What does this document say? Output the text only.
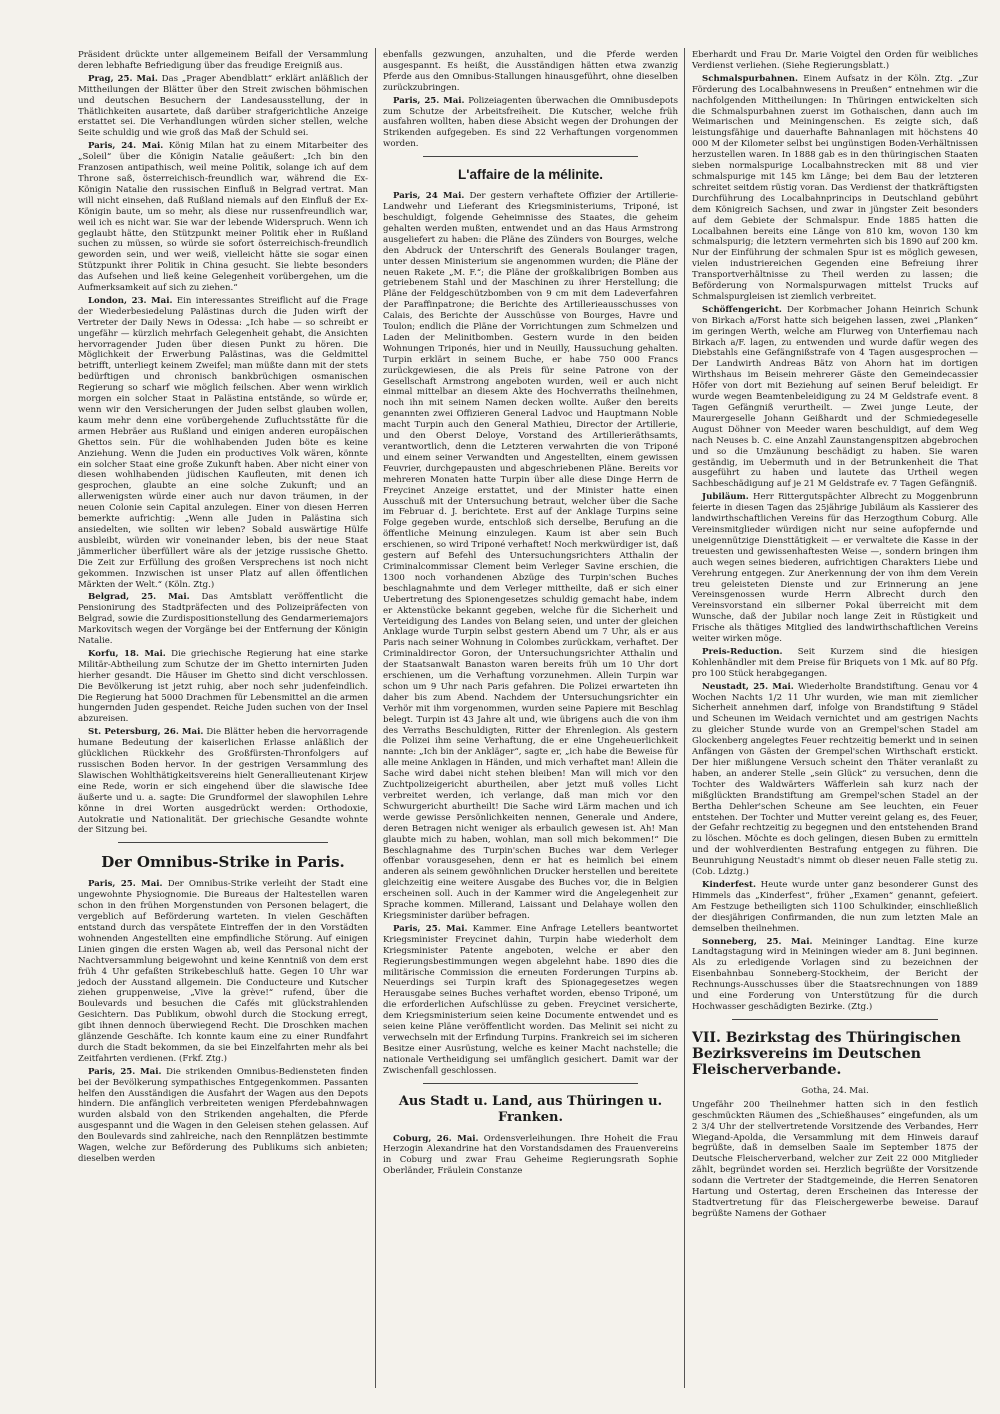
Präsident drückte unter allgemeinem Beifall der Versammlung deren lebhafte Befriedigung über das freudige Ereigniß aus.

Prag, 25. Mai. Das „Prager Abendblatt“ erklärt anläßlich der Mittheilungen der Blätter über den Streit zwischen böhmischen und deutschen Besuchern der Landesausstellung, der in Thätlichkeiten ausartete, daß darüber strafgerichtliche Anzeige erstattet sei. Die Verhandlungen würden sicher stellen, welche Seite schuldig und wie groß das Maß der Schuld sei.

Paris, 24. Mai. König Milan hat zu einem Mitarbeiter des „Soleil“ über die Königin Natalie geäußert: „Ich bin den Franzosen antipathisch, weil meine Politik, solange ich auf dem Throne saß, österreichisch-freundlich war, während die Ex-Königin Natalie den russischen Einfluß in Belgrad vertrat. Man will nicht einsehen, daß Rußland niemals auf den Einfluß der Ex-Königin baute, um so mehr, als diese nur russenfreundlich war, weil ich es nicht war. Sie war der lebende Widerspruch. Wenn ich geglaubt hätte, den Stützpunkt meiner Politik eher in Rußland suchen zu müssen, so würde sie sofort österreichisch-freundlich geworden sein, und wer weiß, vielleicht hätte sie sogar einen Stützpunkt ihrer Politik in China gesucht. Sie liebte besonders das Aufsehen und ließ keine Gelegenheit vorübergehen, um die Aufmerksamkeit auf sich zu ziehen.“

London, 23. Mai. Ein interessantes Streiflicht auf die Frage der Wiederbesiedelung Palästinas durch die Juden wirft der Vertreter der Daily News in Odessa: „Ich habe — so schreibt er ungefähr — kürzlich mehrfach Gelegenheit gehabt, die Ansichten hervorragender Juden über diesen Punkt zu hören. Die Möglichkeit der Erwerbung Palästinas, was die Geldmittel betrifft, unterliegt keinem Zweifel; man müßte dann mit der stets bedürftigen und chronisch bankbrüchigen osmanischen Regierung so scharf wie möglich feilschen. Aber wenn wirklich morgen ein solcher Staat in Palästina entstände, so würde er, wenn wir den Versicherungen der Juden selbst glauben wollen, kaum mehr denn eine vorübergehende Zufluchtsstätte für die armen Hebräer aus Rußland und einigen anderen europäischen Ghettos sein. Für die wohlhabenden Juden böte es keine Anziehung. Wenn die Juden ein productives Volk wären, könnte ein solcher Staat eine große Zukunft haben. Aber nicht einer von diesen wohlhabenden jüdischen Kaufleuten, mit denen ich gesprochen, glaubte an eine solche Zukunft; und an allerwenigsten würde einer auch nur davon träumen, in der neuen Colonie sein Capital anzulegen. Einer von diesen Herren bemerkte aufrichtig: „Wenn alle Juden in Palästina sich ansiedelten, wie sollten wir leben? Sobald auswärtige Hülfe ausbleibt, würden wir voneinander leben, bis der neue Staat jämmerlicher überfüllert wäre als der jetzige russische Ghetto. Die Zeit zur Erfüllung des großen Versprechens ist noch nicht gekommen. Inzwischen ist unser Platz auf allen öffentlichen Märkten der Welt.“ (Köln. Ztg.)

Belgrad, 25. Mai. Das Amtsblatt veröffentlicht die Pensionirung des Stadtpräfecten und des Polizeipräfecten von Belgrad, sowie die Zurdispositionstellung des Gendarmeriemajors Markovitsch wegen der Vorgänge bei der Entfernung der Königin Natalie.

Korfu, 18. Mai. Die griechische Regierung hat eine starke Militär-Abtheilung zum Schutze der im Ghetto internirten Juden hierher gesandt. Die Häuser im Ghetto sind dicht verschlossen. Die Bevölkerung ist jetzt ruhig, aber noch sehr judenfeindlich. Die Regierung hat 5000 Drachmen für Lebensmittel an die armen hungernden Juden gespendet. Reiche Juden suchen von der Insel abzureisen.

St. Petersburg, 26. Mai. Die Blätter heben die hervorragende humane Bedeutung der kaiserlichen Erlasse anläßlich der glücklichen Rückkehr des Großfürsten-Thronfolgers auf russischen Boden hervor. In der gestrigen Versammlung des Slawischen Wohlthätigkeitsvereins hielt Generallieutenant Kirjew eine Rede, worin er sich eingehend über die slawische Idee äußerte und u. a. sagte: Die Grundformel der slawophilen Lehre könne in drei Worten ausgedrückt werden: Orthodoxie, Autokratie und Nationalität. Der griechische Gesandte wohnte der Sitzung bei.

Der Omnibus-Strike in Paris.

Paris, 25. Mai. Der Omnibus-Strike verleiht der Stadt eine ungewohnte Physiognomie. Die Bureaus der Haltestellen waren schon in den frühen Morgenstunden von Personen belagert, die vergeblich auf Beförderung warteten. In vielen Geschäften entstand durch das verspätete Eintreffen der in den Vorstädten wohnenden Angestellten eine empfindliche Störung. Auf einigen Linien gingen die ersten Wagen ab, weil das Personal nicht der Nachtversammlung beigewohnt und keine Kenntniß von dem erst früh 4 Uhr gefaßten Strikebeschluß hatte. Gegen 10 Uhr war jedoch der Ausstand allgemein. Die Conducteure und Kutscher ziehen gruppenweise, „Vive la grève!“ rufend, über die Boulevards und besuchen die Cafés mit glückstrahlenden Gesichtern. Das Publikum, obwohl durch die Stockung erregt, gibt ihnen dennoch überwiegend Recht. Die Droschken machen glänzende Geschäfte. Ich konnte kaum eine zu einer Rundfahrt durch die Stadt bekommen, da sie bei Einzelfahrten mehr als bei Zeitfahrten verdienen. (Frkf. Ztg.)

Paris, 25. Mai. Die strikenden Omnibus-Bediensteten finden bei der Bevölkerung sympathisches Entgegenkommen. Passanten helfen den Ausständigen die Ausfahrt der Wagen aus den Depots hindern. Die anfänglich verbreiteten wenigen Pferdebahnwagen wurden alsbald von den Strikenden angehalten, die Pferde ausgespannt und die Wagen in den Geleisen stehen gelassen. Auf den Boulevards sind zahlreiche, nach den Rennplätzen bestimmte Wagen, welche zur Beförderung des Publikums sich anbieten; dieselben werden

ebenfalls gezwungen, anzuhalten, und die Pferde werden ausgespannt. Es heißt, die Ausständigen hätten etwa zwanzig Pferde aus den Omnibus-Stallungen hinausgeführt, ohne dieselben zurückzubringen.

Paris, 25. Mai. Polizeiagenten überwachen die Omnibusdepots zum Schutze der Arbeitsfreiheit. Die Kutscher, welche früh ausfahren wollten, haben diese Absicht wegen der Drohungen der Strikenden aufgegeben. Es sind 22 Verhaftungen vorgenommen worden.

L'affaire de la mélinite.

Paris, 24 Mai. Der gestern verhaftete Offizier der Artillerie-Landwehr und Lieferant des Kriegsministeriums, Triponé, ist beschuldigt, folgende Geheimnisse des Staates, die geheim gehalten werden mußten, entwendet und an das Haus Armstrong ausgeliefert zu haben: die Pläne des Zünders von Bourges, welche den Abdruck der Unterschrift des Generals Boulanger tragen, unter dessen Ministerium sie angenommen wurden; die Pläne der neuen Rakete „M. F.“; die Pläne der großkalibrigen Bomben aus getriebenem Stahl und der Maschinen zu ihrer Herstellung; die Pläne der Feldgeschützbomben von 9 cm mit dem Ladeverfahren der Paraffinpatrone; die Berichte des Artillerieausschusses von Calais, des Berichte der Ausschüsse von Bourges, Havre und Toulon; endlich die Pläne der Vorrichtungen zum Schmelzen und Laden der Melinitbomben. Gestern wurde in den beiden Wohnungen Triponés, hier und in Neuilly, Haussuchung gehalten. Turpin erklärt in seinem Buche, er habe 750 000 Francs zurückgewiesen, die als Preis für seine Patrone von der Gesellschaft Armstrong angeboten wurden, weil er auch nicht einmal mittelbar an diesem Akte des Hochverraths theilnehmen, noch ihn mit seinem Namen decken wollte. Außer den bereits genannten zwei Offizieren General Ladvoc und Hauptmann Noble macht Turpin auch den General Mathieu, Director der Artillerie, und den Oberst Deloye, Vorstand des Artillerieräthsamts, verantwortlich, denn die Letzteren verwahrten die von Triponé und einem seiner Verwandten und Angestellten, einem gewissen Feuvrier, durchgepausten und abgeschriebenen Pläne. Bereits vor mehreren Monaten hatte Turpin über alle diese Dinge Herrn de Freycinet Anzeige erstattet, und der Minister hatte einen Ausschuß mit der Untersuchung betraut, welcher über die Sache im Februar d. J. berichtete. Erst auf der Anklage Turpins seine Folge gegeben wurde, entschloß sich derselbe, Berufung an die öffentliche Meinung einzulegen. Kaum ist aber sein Buch erschienen, so wird Triponé verhaftet! Noch merkwürdiger ist, daß gestern auf Befehl des Untersuchungsrichters Atthalin der Criminalcommissar Clement beim Verleger Savine erschien, die 1300 noch vorhandenen Abzüge des Turpin'schen Buches beschlagnahmte und dem Verleger mittheilte, daß er sich einer Uebertretung des Spionengesetzes schuldig gemacht habe, indem er Aktenstücke bekannt gegeben, welche für die Sicherheit und Verteidigung des Landes von Belang seien, und unter der gleichen Anklage wurde Turpin selbst gestern Abend um 7 Uhr, als er aus Paris nach seiner Wohnung in Colombes zurückkam, verhaftet. Der Criminaldirector Goron, der Untersuchungsrichter Atthalin und der Staatsanwalt Banaston waren bereits früh um 10 Uhr dort erschienen, um die Verhaftung vorzunehmen. Allein Turpin war schon um 9 Uhr nach Paris gefahren. Die Polizei erwarteten ihn daher bis zum Abend. Nachdem der Untersuchungsrichter ein Verhör mit ihm vorgenommen, wurden seine Papiere mit Beschlag belegt. Turpin ist 43 Jahre alt und, wie übrigens auch die von ihm des Verraths Beschuldigten, Ritter der Ehrenlegion. Als gestern die Polizei ihm seine Verhaftung, die er eine Ungeheuerlichkeit nannte: „Ich bin der Ankläger“, sagte er, „ich habe die Beweise für alle meine Anklagen in Händen, und mich verhaftet man! Allein die Sache wird dabei nicht stehen bleiben! Man will mich vor den Zuchtpolizeigericht aburtheilen, aber jetzt muß volles Licht verbreitet werden, ich verlange, daß man mich vor den Schwurgericht aburtheilt! Die Sache wird Lärm machen und ich werde gewisse Persönlichkeiten nennen, Generale und Andere, deren Betragen nicht weniger als erbaulich gewesen ist. Ah! Man glaubte mich zu haben, wohlan, man soll mich bekommen!“ Die Beschlagnahme des Turpin'schen Buches war dem Verleger offenbar vorausgesehen, denn er hat es heimlich bei einem anderen als seinem gewöhnlichen Drucker herstellen und bereitete gleichzeitig eine weitere Ausgabe des Buches vor, die in Belgien erscheinen soll. Auch in der Kammer wird die Angelegenheit zur Sprache kommen. Millerand, Laissant und Delahaye wollen den Kriegsminister darüber befragen.

Paris, 25. Mai. Kammer. Eine Anfrage Letellers beantwortet Kriegsminister Freycinet dahin, Turpin habe wiederholt dem Kriegsminister Patente angeboten, welche er aber den Regierungsbestimmungen wegen abgelehnt habe. 1890 dies die militärische Commission die erneuten Forderungen Turpins ab. Neuerdings sei Turpin kraft des Spionagegesetzes wegen Herausgabe seines Buches verhaftet worden, ebenso Triponé, um die erforderlichen Aufschlüsse zu geben. Freycinet versicherte, dem Kriegsministerium seien keine Documente entwendet und es seien keine Pläne veröffentlicht worden. Das Melinit sei nicht zu verwechseln mit der Erfindung Turpins. Frankreich sei im sicheren Besitze einer Ausrüstung, welche es keiner Macht nachstelle; die nationale Vertheidigung sei umfänglich gesichert. Damit war der Zwischenfall geschlossen.

Aus Stadt u. Land, aus Thüringen u. Franken.

Coburg, 26. Mai. Ordensverleihungen. Ihre Hoheit die Frau Herzogin Alexandrine hat den Vorstandsdamen des Frauenvereins in Coburg und zwar Frau Geheime Regierungsrath Sophie Oberländer, Fräulein Constanze

Eberhardt und Frau Dr. Marie Voigtel den Orden für weibliches Verdienst verliehen. (Siehe Regierungsblatt.)

Schmalspurbahnen. Einem Aufsatz in der Köln. Ztg. „Zur Förderung des Localbahnwesens in Preußen“ entnehmen wir die nachfolgenden Mittheilungen: In Thüringen entwickelten sich die Schmalspurbahnen zuerst im Gothaischen, dann auch im Weimarischen und Meiningenschen. Es zeigte sich, daß leistungsfähige und dauerhafte Bahnanlagen mit höchstens 40 000 M der Kilometer selbst bei ungünstigen Boden-Verhältnissen herzustellen waren. In 1888 gab es in den thüringischen Staaten sieben normalspurige Localbahnstrecken mit 88 und vier schmalspurige mit 145 km Länge; bei dem Bau der letzteren schreitet seitdem rüstig voran. Das Verdienst der thatkräftigsten Durchführung des Localbahnprincips in Deutschland gebührt dem Königreich Sachsen, und zwar in jüngster Zeit besonders auf dem Gebiete der Schmalspur. Ende 1885 hatten die Localbahnen bereits eine Länge von 810 km, wovon 130 km schmalspurig; die letztern vermehrten sich bis 1890 auf 200 km. Nur der Einführung der schmalen Spur ist es möglich gewesen, vielen industriereichen Gegenden eine Befreiung ihrer Transportverhältnisse zu Theil werden zu lassen; die Beförderung von Normalspurwagen mittelst Trucks auf Schmalspurgleisen ist ziemlich verbreitet.

Schöffengericht. Der Korbmacher Johann Heinrich Schunk von Birkach a/Forst hatte sich beigehen lassen, zwei „Planken“ im geringen Werth, welche am Flurweg von Unterfiemau nach Birkach a/F. lagen, zu entwenden und wurde dafür wegen des Diebstahls eine Gefängnißstrafe von 4 Tagen ausgesprochen — Der Landwirth Andreas Bätz von Ahorn hat im dortigen Wirthshaus im Beisein mehrerer Gäste den Gemeindecassier Höfer von dort mit Beziehung auf seinen Beruf beleidigt. Er wurde wegen Beamtenbeleidigung zu 24 M Geldstrafe event. 8 Tagen Gefängniß verurtheilt. — Zwei junge Leute, der Maurergeselle Johann Geißhardt und der Schmiedegeselle August Döhner von Meeder waren beschuldigt, auf dem Weg nach Neuses b. C. eine Anzahl Zaunstangenspitzen abgebrochen und so die Umzäunung beschädigt zu haben. Sie waren geständig, im Uebermuth und in der Betrunkenheit die That ausgeführt zu haben und lautete das Urtheil wegen Sachbeschädigung auf je 21 M Geldstrafe ev. 7 Tagen Gefängniß.

Jubiläum. Herr Rittergutspächter Albrecht zu Moggenbrunn feierte in diesen Tagen das 25jährige Jubiläum als Kassierer des landwirthschaftlichen Vereins für das Herzogthum Coburg. Alle Vereinsmitglieder würdigen nicht nur seine aufopfernde und uneigennützige Diensttätigkeit — er verwaltete die Kasse in der treuesten und gewissenhaftesten Weise —, sondern bringen ihm auch wegen seines biederen, aufrichtigen Charakters Liebe und Verehrung entgegen. Zur Anerkennung der von ihm dem Verein treu geleisteten Dienste und zur Erinnerung an jene Vereinsgenossen wurde Herrn Albrecht durch den Vereinsvorstand ein silberner Pokal überreicht mit dem Wunsche, daß der Jubilar noch lange Zeit in Rüstigkeit und Frische als thätiges Mitglied des landwirthschaftlichen Vereins weiter wirken möge.

Preis-Reduction. Seit Kurzem sind die hiesigen Kohlenhändler mit dem Preise für Briquets von 1 Mk. auf 80 Pfg. pro 100 Stück herabgegangen.

Neustadt, 25. Mai. Wiederholte Brandstiftung. Genau vor 4 Wochen Nachts 1/2 11 Uhr wurden, wie man mit ziemlicher Sicherheit annehmen darf, infolge von Brandstiftung 9 Städel und Scheunen im Weidach vernichtet und am gestrigen Nachts zu gleicher Stunde wurde von an Grempel'schen Stadel am Glockenberg angelegtes Feuer rechtzeitig bemerkt und in seinen Anfängen von Gästen der Grempel'schen Wirthschaft erstickt. Der hier mißlungene Versuch scheint den Thäter veranlaßt zu haben, an anderer Stelle „sein Glück“ zu versuchen, denn die Tochter des Waldwärters Wäfferlein sah kurz nach der mißglückten Brandstiftung am Grempel'schen Stadel an der Bertha Dehler'schen Scheune am See leuchten, ein Feuer entstehen. Der Tochter und Mutter vereint gelang es, des Feuer, der Gefahr rechtzeitig zu begegnen und den entstehenden Brand zu löschen. Möchte es doch gelingen, diesen Buben zu ermitteln und der wohlverdienten Bestrafung entgegen zu führen. Die Beunruhigung Neustadt's nimmt ob dieser neuen Falle stetig zu. (Cob. Ldztg.)

Kinderfest. Heute wurde unter ganz besonderer Gunst des Himmels das „Kinderfest“, früher „Examen“ genannt, gefeiert. Am Festzuge betheiligten sich 1100 Schulkinder, einschließlich der diesjährigen Confirmanden, die nun zum letzten Male an demselben theilnehmen.

Sonneberg, 25. Mai. Meininger Landtag. Eine kurze Landtagstagung wird in Meiningen wieder am 8. Juni beginnen. Als zu erledigende Vorlagen sind zu bezeichnen der Eisenbahnbau Sonneberg-Stockheim, der Bericht der Rechnungs-Ausschusses über die Staatsrechnungen von 1889 und eine Forderung von Unterstützung für die durch Hochwasser geschädigten Bezirke. (Ztg.)

VII. Bezirkstag des Thüringischen Bezirksvereins im Deutschen Fleischerverbande.
Gotha, 24. Mai.

Ungefähr 200 Theilnehmer hatten sich in den festlich geschmückten Räumen des „Schießhauses“ eingefunden, als um 2 3/4 Uhr der stellvertretende Vorsitzende des Verbandes, Herr Wiegand-Apolda, die Versammlung mit dem Hinweis darauf begrüßte, daß in demselben Saale im September 1875 der Deutsche Fleischerverband, welcher zur Zeit 22 000 Mitglieder zählt, begründet worden sei. Herzlich begrüßte der Vorsitzende sodann die Vertreter der Stadtgemeinde, die Herren Senatoren Hartung und Ostertag, deren Erscheinen das Interesse der Stadtvertretung für das Fleischergewerbe beweise. Darauf begrüßte Namens der Gothaer
